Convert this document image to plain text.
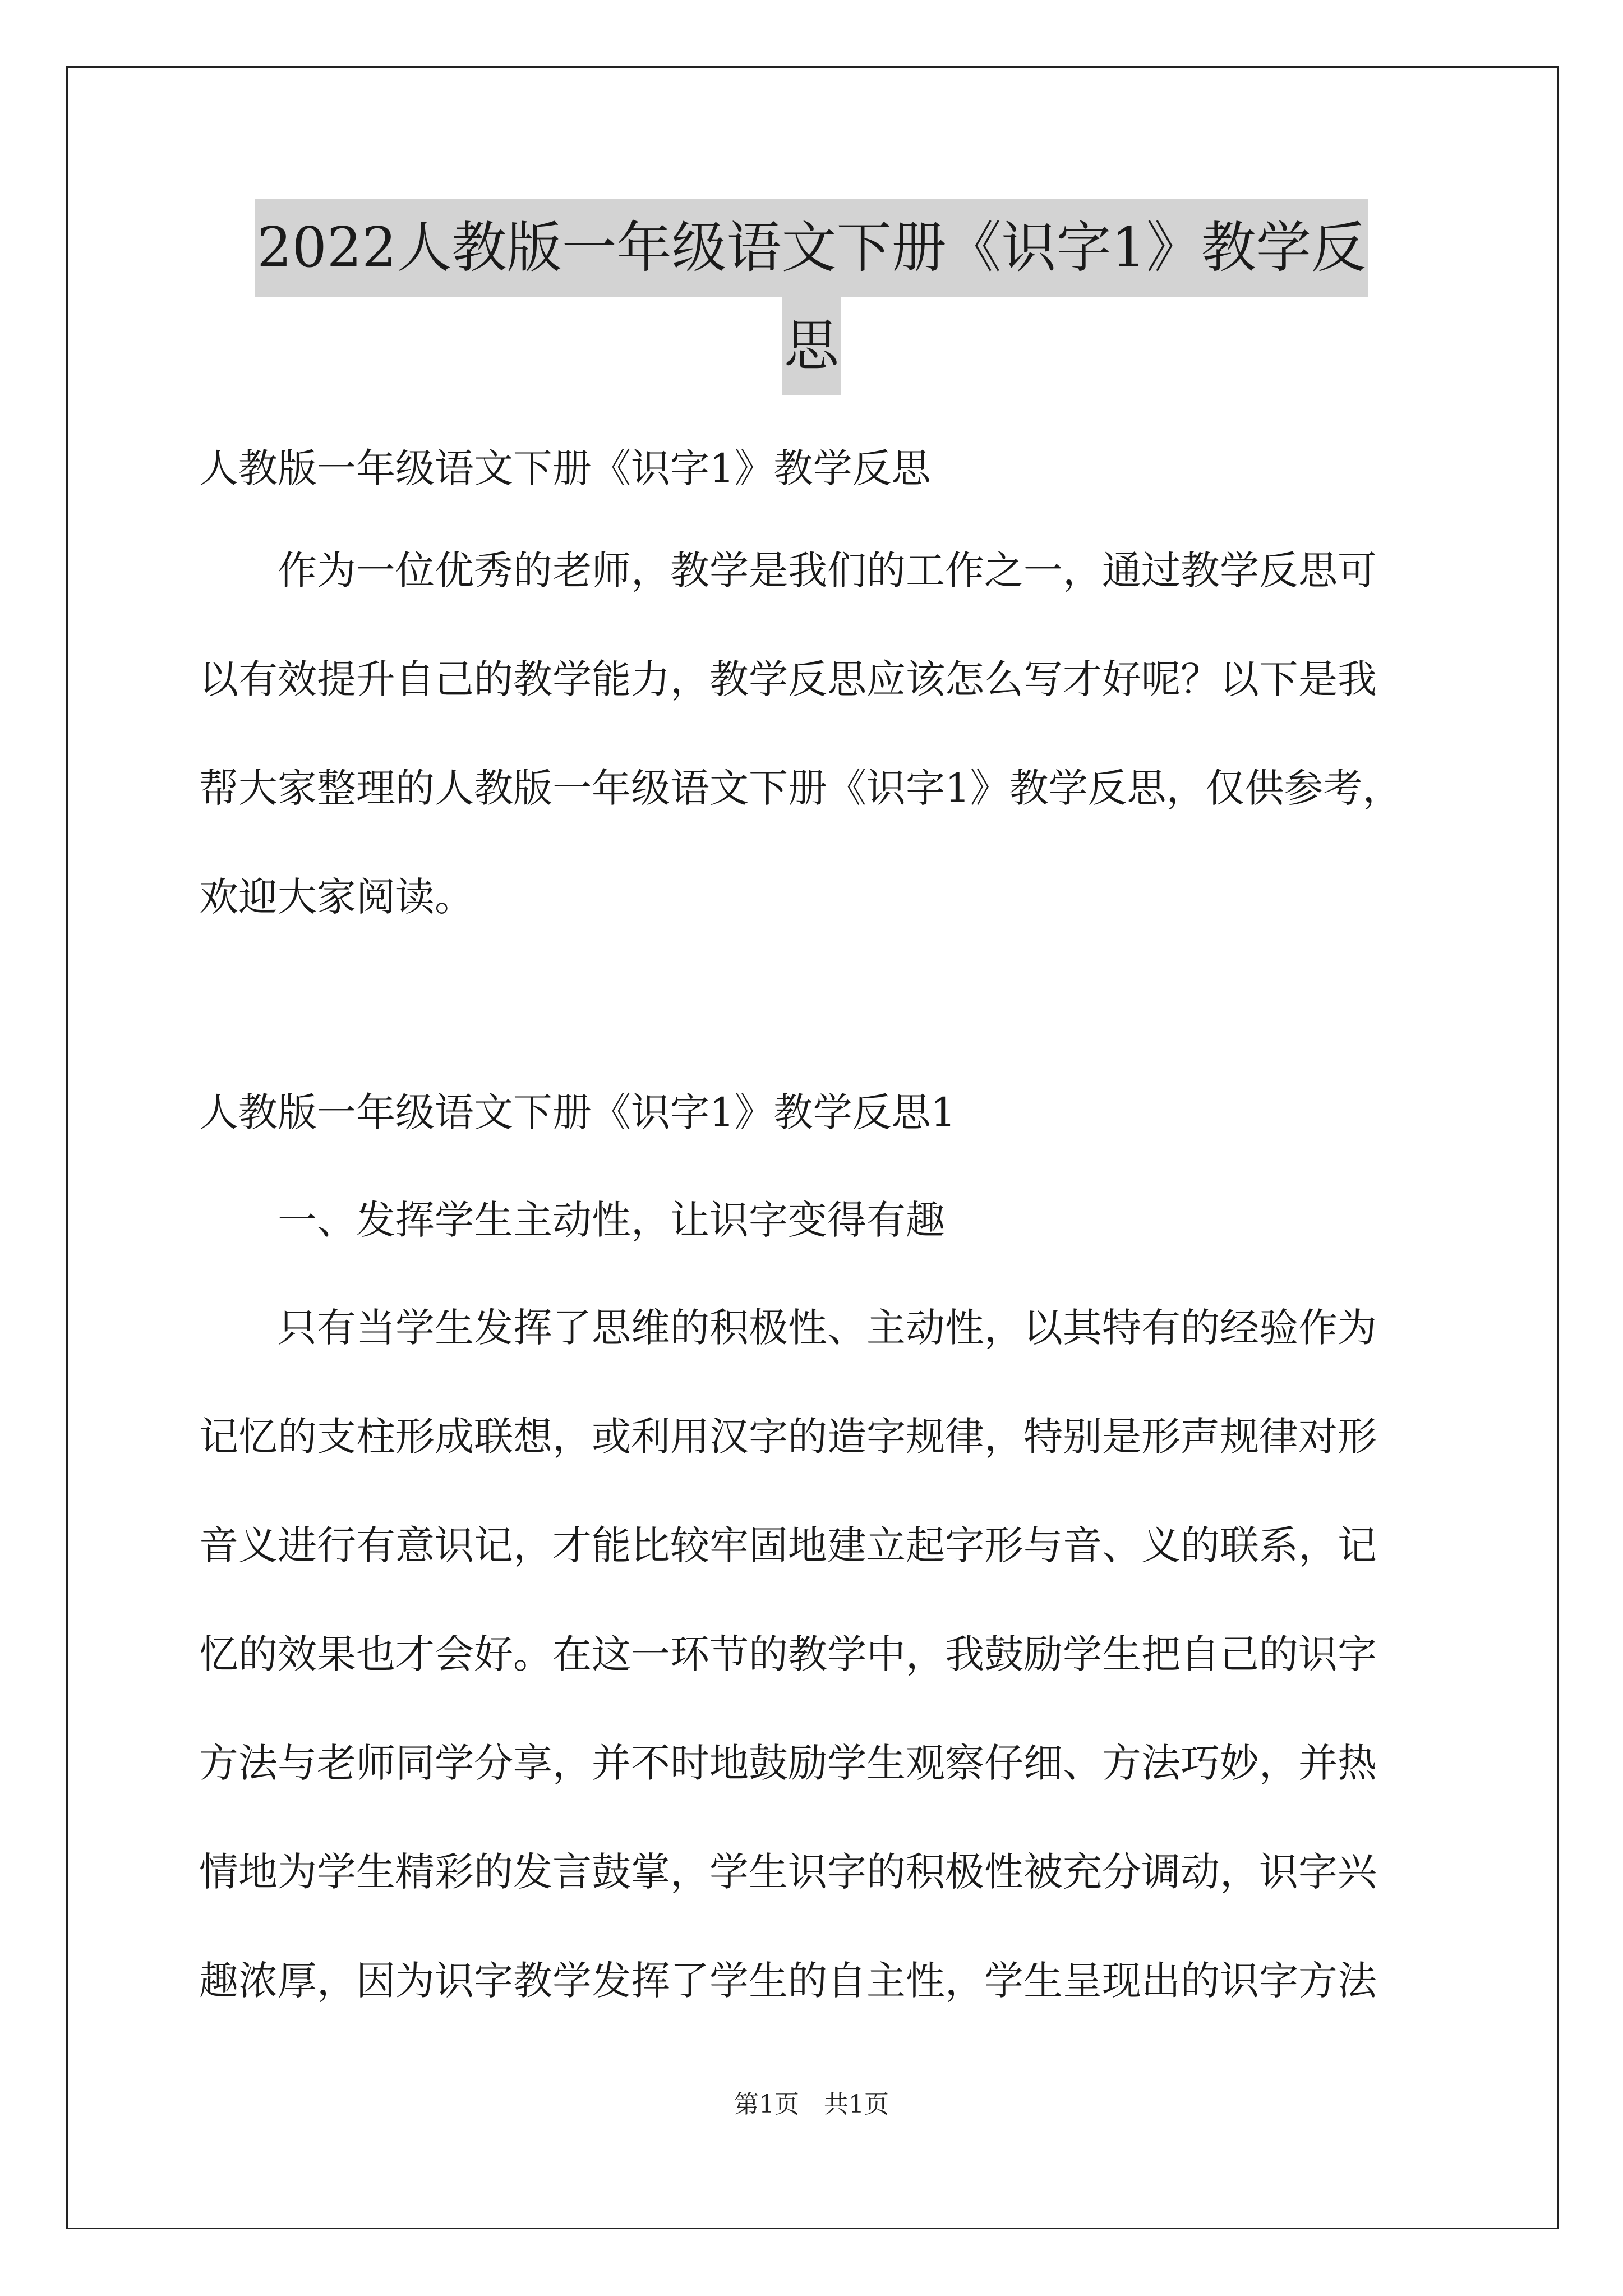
2022人教版一年级语文下册《识字1》教学反
思
人教版一年级语文下册《识字1》教学反思
作为一位优秀的老师，教学是我们的工作之一，通过教学反思可
以有效提升自己的教学能力，教学反思应该怎么写才好呢？以下是我
帮大家整理的人教版一年级语文下册《识字1》教学反思，仅供参考，
欢迎大家阅读。
人教版一年级语文下册《识字1》教学反思1
一、发挥学生主动性，让识字变得有趣
只有当学生发挥了思维的积极性、主动性，以其特有的经验作为
记忆的支柱形成联想，或利用汉字的造字规律，特别是形声规律对形
音义进行有意识记，才能比较牢固地建立起字形与音、义的联系，记
忆的效果也才会好。在这一环节的教学中，我鼓励学生把自己的识字
方法与老师同学分享，并不时地鼓励学生观察仔细、方法巧妙，并热
情地为学生精彩的发言鼓掌，学生识字的积极性被充分调动，识字兴
趣浓厚，因为识字教学发挥了学生的自主性，学生呈现出的识字方法
第1页　共1页
